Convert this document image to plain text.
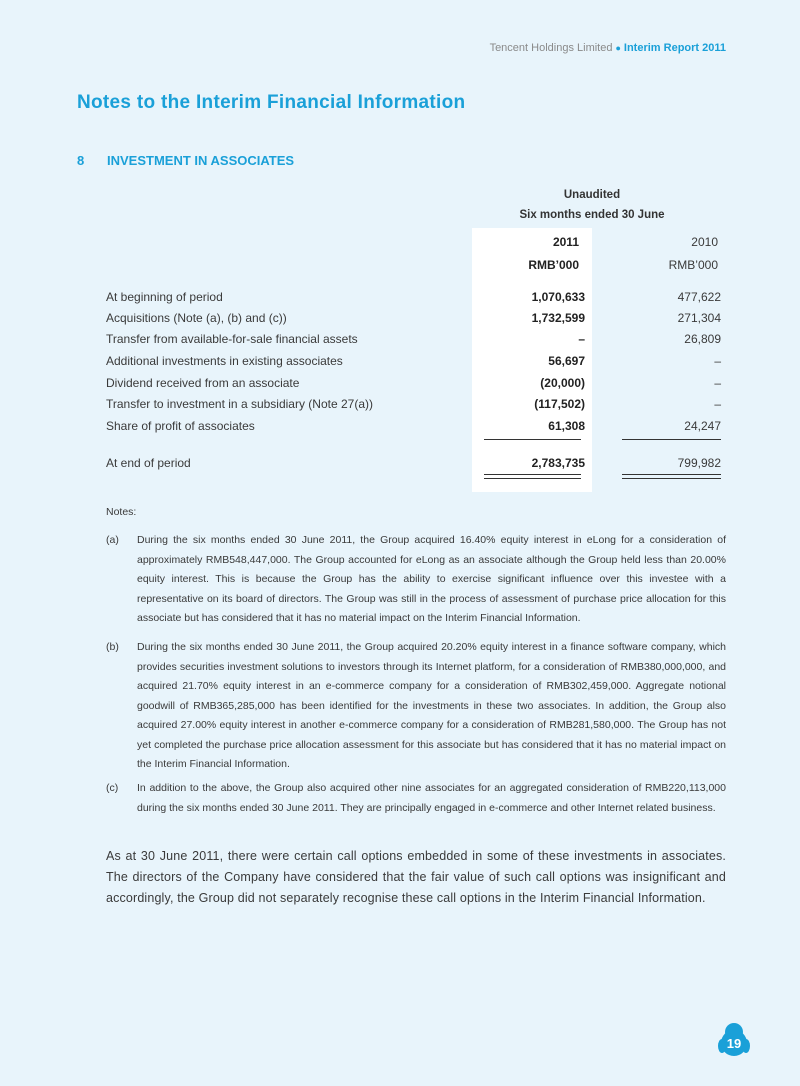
Tencent Holdings Limited ● Interim Report 2011
Notes to the Interim Financial Information
8 INVESTMENT IN ASSOCIATES
Unaudited
Six months ended 30 June
2011	2010
RMB’000	RMB’000
At beginning of period	1,070,633	477,622
Acquisitions (Note (a), (b) and (c))	1,732,599	271,304
Transfer from available-for-sale financial assets	–	26,809
Additional investments in existing associates	56,697	–
Dividend received from an associate	(20,000)	–
Transfer to investment in a subsidiary (Note 27(a))	(117,502)	–
Share of profit of associates	61,308	24,247
At end of period	2,783,735	799,982
Notes:
(a) During the six months ended 30 June 2011, the Group acquired 16.40% equity interest in eLong for a consideration of approximately RMB548,447,000. The Group accounted for eLong as an associate although the Group held less than 20.00% equity interest. This is because the Group has the ability to exercise significant influence over this investee with a representative on its board of directors. The Group was still in the process of assessment of purchase price allocation for this associate but has considered that it has no material impact on the Interim Financial Information.
(b) During the six months ended 30 June 2011, the Group acquired 20.20% equity interest in a finance software company, which provides securities investment solutions to investors through its Internet platform, for a consideration of RMB380,000,000, and acquired 21.70% equity interest in an e-commerce company for a consideration of RMB302,459,000. Aggregate notional goodwill of RMB365,285,000 has been identified for the investments in these two associates. In addition, the Group also acquired 27.00% equity interest in another e-commerce company for a consideration of RMB281,580,000. The Group has not yet completed the purchase price allocation assessment for this associate but has considered that it has no material impact on the Interim Financial Information.
(c) In addition to the above, the Group also acquired other nine associates for an aggregated consideration of RMB220,113,000 during the six months ended 30 June 2011. They are principally engaged in e-commerce and other Internet related business.
As at 30 June 2011, there were certain call options embedded in some of these investments in associates. The directors of the Company have considered that the fair value of such call options was insignificant and accordingly, the Group did not separately recognise these call options in the Interim Financial Information.
19
